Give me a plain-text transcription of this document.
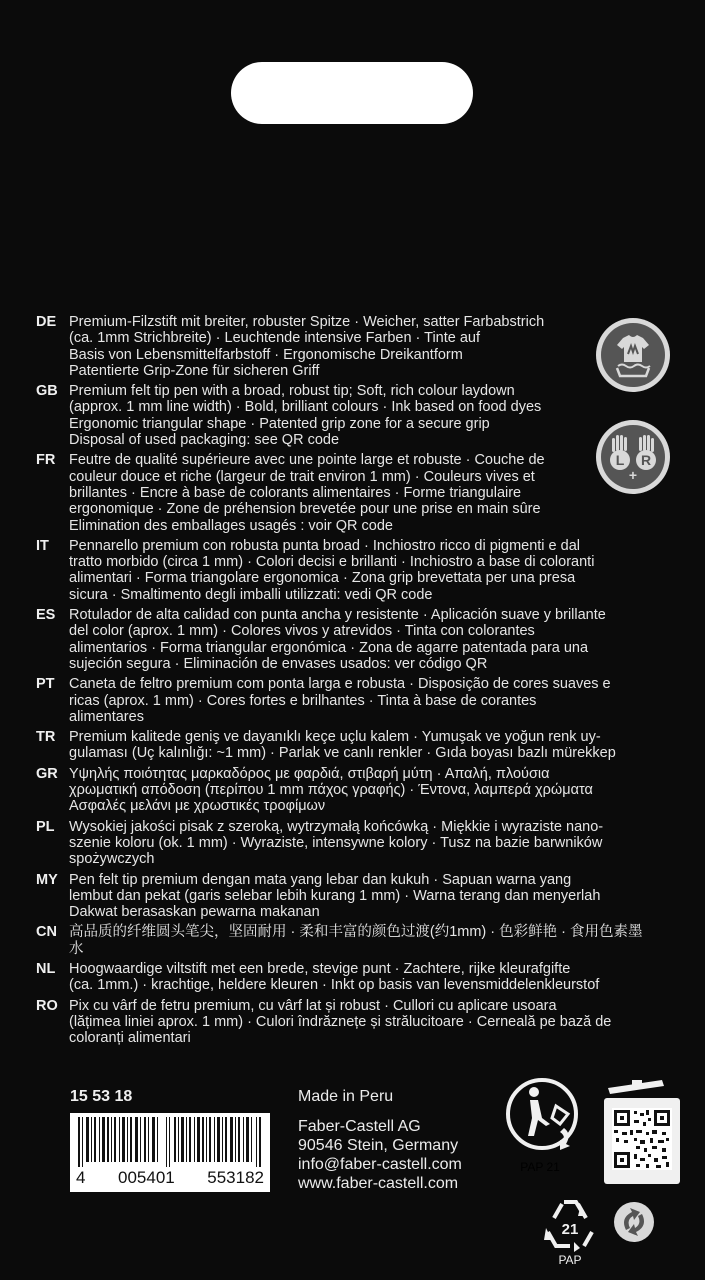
DE Premium-Filzstift mit breiter, robuster Spitze · Weicher, satter Farbabstrich
(ca. 1mm Strichbreite) · Leuchtende intensive Farben · Tinte auf
Basis von Lebensmittelfarbstoff · Ergonomische Dreikantform
Patentierte Grip-Zone für sicheren Griff
GB Premium felt tip pen with a broad, robust tip; Soft, rich colour laydown
(approx. 1 mm line width) · Bold, brilliant colours · Ink based on food dyes
Ergonomic triangular shape · Patented grip zone for a secure grip
Disposal of used packaging: see QR code
FR Feutre de qualité supérieure avec une pointe large et robuste · Couche de
couleur douce et riche (largeur de trait environ 1 mm) · Couleurs vives et
brillantes · Encre à base de colorants alimentaires · Forme triangulaire
ergonomique · Zone de préhension brevetée pour une prise en main sûre
Elimination des emballages usagés : voir QR code
IT	Pennarello premium con robusta punta broad · Inchiostro ricco di pigmenti e dal
tratto morbido (circa 1 mm) · Colori decisi e brillanti · Inchiostro a base di coloranti
alimentari · Forma triangolare ergonomica · Zona grip brevettata per una presa
sicura · Smaltimento degli imballi utilizzati: vedi QR code
ES Rotulador de alta calidad con punta ancha y resistente · Aplicación suave y brillante
del color (aprox. 1 mm) · Colores vivos y atrevidos · Tinta con colorantes
alimentarios · Forma triangular ergonómica · Zona de agarre patentada para una
sujeción segura · Eliminación de envases usados: ver código QR
PT Caneta de feltro premium com ponta larga e robusta · Disposição de cores suaves e
ricas (aprox. 1 mm) · Cores fortes e brilhantes · Tinta à base de corantes
alimentares
TR Premium kalitede geniş ve dayanıklı keçe uçlu kalem · Yumuşak ve yoğun renk uy-
gulaması (Uç kalınlığı: ~1 mm) · Parlak ve canlı renkler · Gıda boyası bazlı mürekkep
GR Υψηλής ποιότητας μαρκαδόρος με φαρδιά, στιβαρή μύτη · Απαλή, πλούσια
χρωματική απόδοση (περίπου 1 mm πάχος γραφής) · Έντονα, λαμπερά χρώματα
Ασφαλές μελάνι με χρωστικές τροφίμων
PL Wysokiej jakości pisak z szeroką, wytrzymałą końcówką · Miękkie i wyraziste nano-
szenie koloru (ok. 1 mm) · Wyraziste, intensywne kolory · Tusz na bazie barwników
spożywczych
MY Pen felt tip premium dengan mata yang lebar dan kukuh · Sapuan warna yang
lembut dan pekat (garis selebar lebih kurang 1 mm) · Warna terang dan menyerlah
Dakwat berasaskan pewarna makanan
CN 高品质的纤维圆头笔尖，坚固耐用 · 柔和丰富的颜色过渡(约1mm) · 色彩鲜艳 · 食用色素墨水
NL Hoogwaardige viltstift met een brede, stevige punt · Zachtere, rijke kleurafgifte
(ca. 1mm.) · krachtige, heldere kleuren · Inkt op basis van levensmiddelenkleurstof
RO Pix cu vârf de fetru premium, cu vârf lat și robust · Cullori cu aplicare usoara
(lățimea liniei aprox. 1 mm) · Culori îndrăznețe și strălucitoare · Cerneală pe bază de
coloranți alimentari
L R
+
15 53 18
4 005401 553182
Made in Peru
Faber-Castell AG
90546 Stein, Germany
info@faber-castell.com
www.faber-castell.com
PAP 21
21
PAP
